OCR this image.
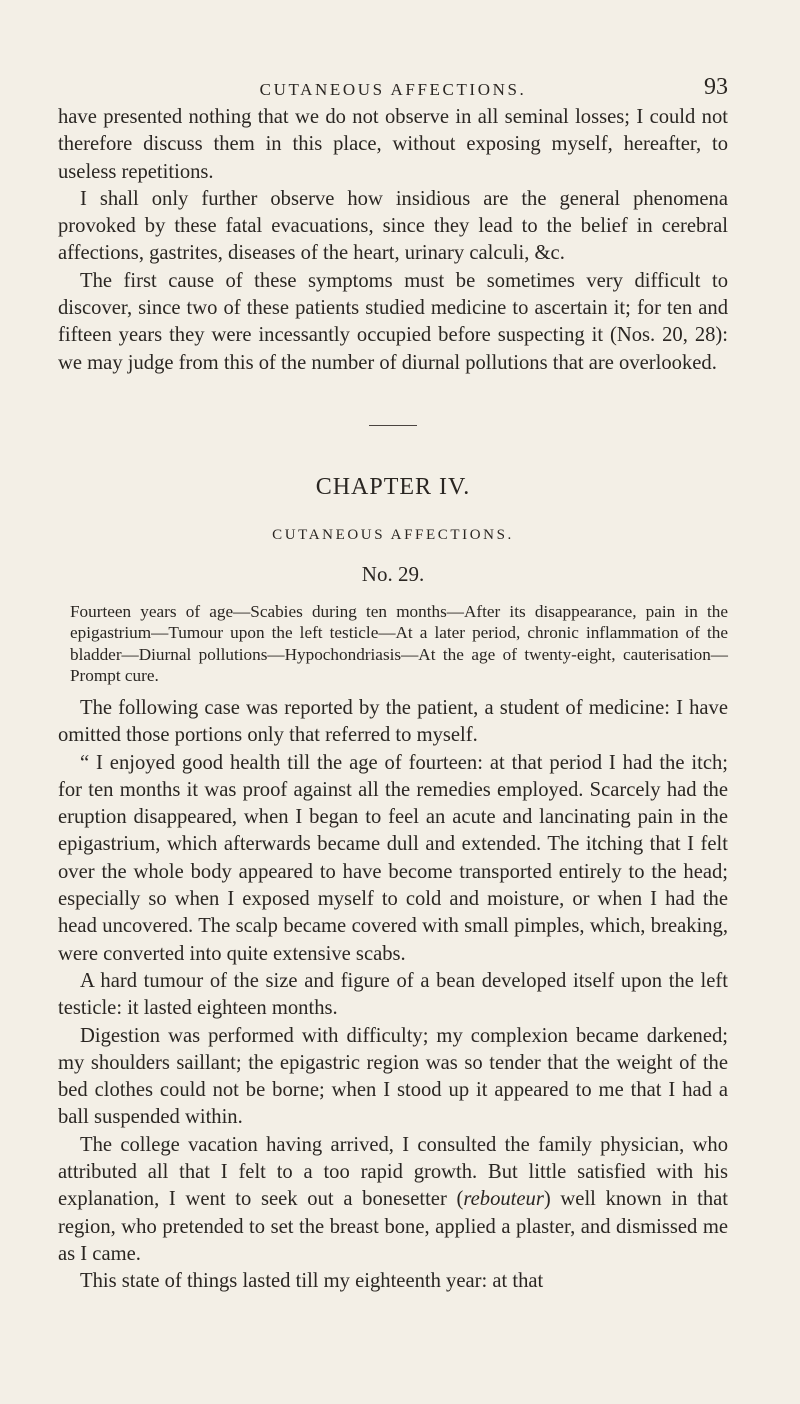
CUTANEOUS AFFECTIONS.	93

have presented nothing that we do not observe in all seminal losses; I could not therefore discuss them in this place, without exposing myself, hereafter, to useless repetitions.

I shall only further observe how insidious are the general phenomena provoked by these fatal evacuations, since they lead to the belief in cerebral affections, gastrites, diseases of the heart, urinary calculi, &c.

The first cause of these symptoms must be sometimes very difficult to discover, since two of these patients studied medicine to ascertain it; for ten and fifteen years they were incessantly occupied before suspecting it (Nos. 20, 28): we may judge from this of the number of diurnal pollutions that are overlooked.

CHAPTER IV.
CUTANEOUS AFFECTIONS.
No. 29.

Fourteen years of age—Scabies during ten months—After its disappearance, pain in the epigastrium—Tumour upon the left testicle—At a later period, chronic inflammation of the bladder—Diurnal pollutions—Hypochondriasis—At the age of twenty-eight, cauterisation—Prompt cure.

The following case was reported by the patient, a student of medicine: I have omitted those portions only that referred to myself.

“ I enjoyed good health till the age of fourteen: at that period I had the itch; for ten months it was proof against all the remedies employed. Scarcely had the eruption disappeared, when I began to feel an acute and lancinating pain in the epigastrium, which afterwards became dull and extended. The itching that I felt over the whole body appeared to have become transported entirely to the head; especially so when I exposed myself to cold and moisture, or when I had the head uncovered. The scalp became covered with small pimples, which, breaking, were converted into quite extensive scabs.

A hard tumour of the size and figure of a bean developed itself upon the left testicle: it lasted eighteen months.

Digestion was performed with difficulty; my complexion became darkened; my shoulders saillant; the epigastric region was so tender that the weight of the bed clothes could not be borne; when I stood up it appeared to me that I had a ball suspended within.

The college vacation having arrived, I consulted the family physician, who attributed all that I felt to a too rapid growth. But little satisfied with his explanation, I went to seek out a bonesetter (rebouteur) well known in that region, who pretended to set the breast bone, applied a plaster, and dismissed me as I came.

This state of things lasted till my eighteenth year: at that
